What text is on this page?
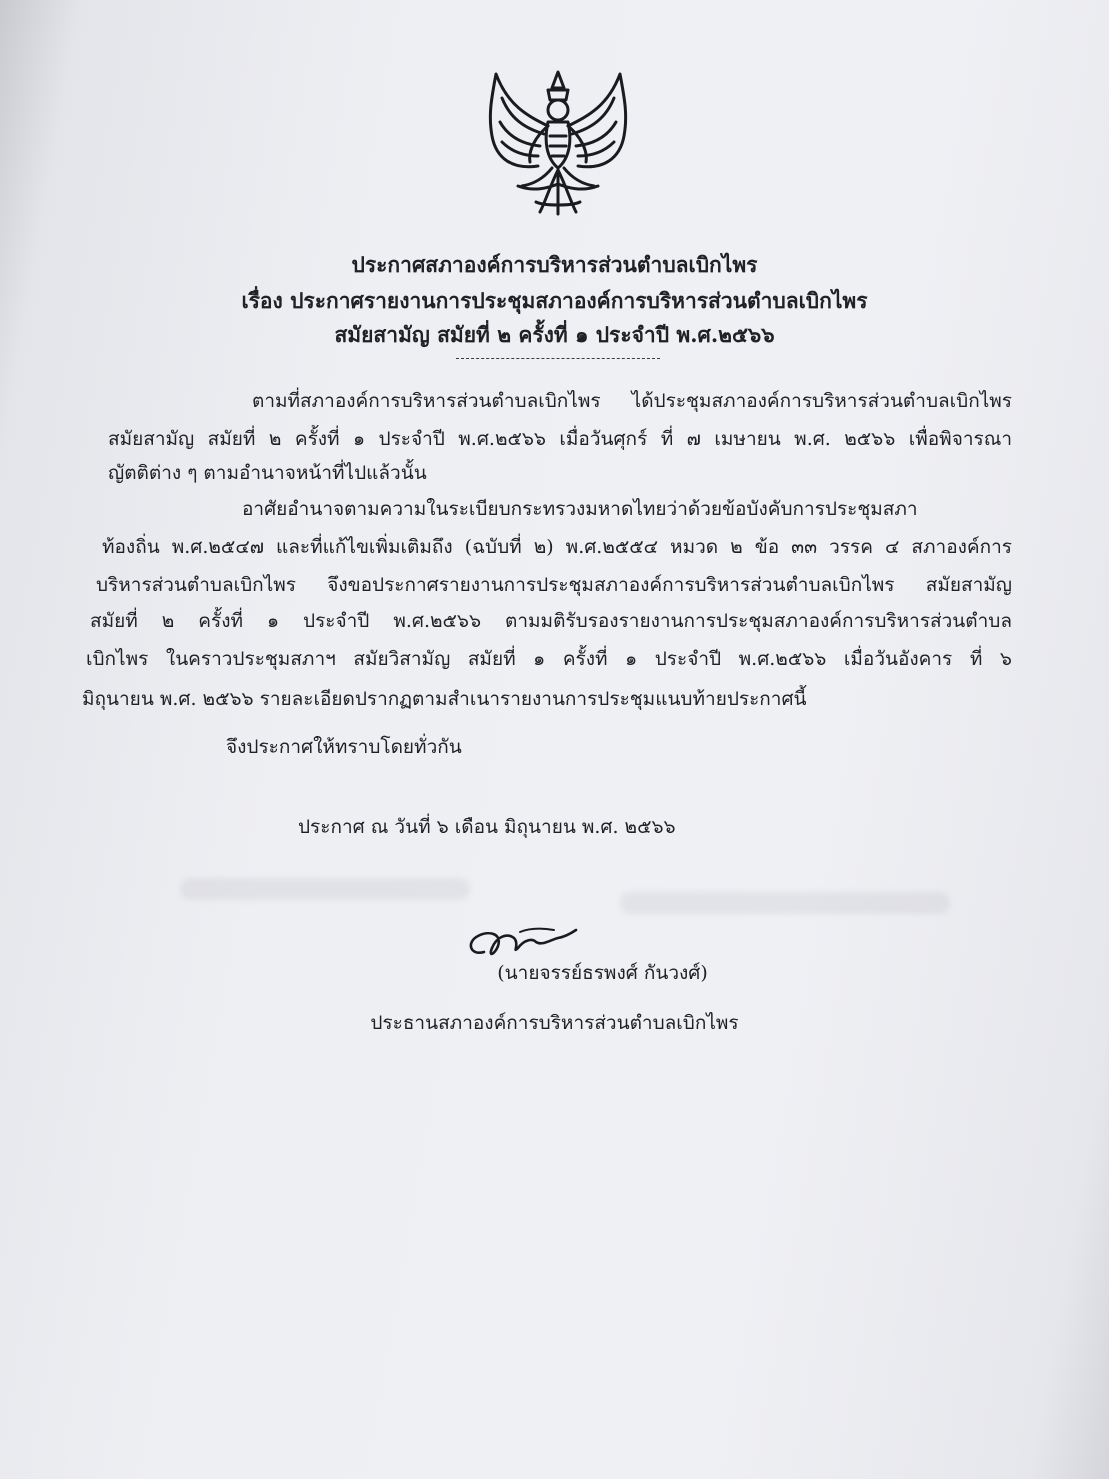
ประกาศสภาองค์การบริหารส่วนตำบลเบิกไพร
เรื่อง ประกาศรายงานการประชุมสภาองค์การบริหารส่วนตำบลเบิกไพร
สมัยสามัญ สมัยที่ ๒ ครั้งที่ ๑ ประจำปี พ.ศ.๒๕๖๖
ตามที่สภาองค์การบริหารส่วนตำบลเบิกไพร ได้ประชุมสภาองค์การบริหารส่วนตำบลเบิกไพร
สมัยสามัญ สมัยที่ ๒ ครั้งที่ ๑ ประจำปี พ.ศ.๒๕๖๖ เมื่อวันศุกร์ ที่ ๗ เมษายน พ.ศ. ๒๕๖๖ เพื่อพิจารณา
ญัตติต่าง ๆ ตามอำนาจหน้าที่ไปแล้วนั้น
อาศัยอำนาจตามความในระเบียบกระทรวงมหาดไทยว่าด้วยข้อบังคับการประชุมสภา
ท้องถิ่น พ.ศ.๒๕๔๗ และที่แก้ไขเพิ่มเติมถึง (ฉบับที่ ๒) พ.ศ.๒๕๕๔ หมวด ๒ ข้อ ๓๓ วรรค ๔ สภาองค์การ
บริหารส่วนตำบลเบิกไพร จึงขอประกาศรายงานการประชุมสภาองค์การบริหารส่วนตำบลเบิกไพร สมัยสามัญ
สมัยที่ ๒ ครั้งที่ ๑ ประจำปี พ.ศ.๒๕๖๖ ตามมติรับรองรายงานการประชุมสภาองค์การบริหารส่วนตำบล
เบิกไพร ในคราวประชุมสภาฯ สมัยวิสามัญ สมัยที่ ๑ ครั้งที่ ๑ ประจำปี พ.ศ.๒๕๖๖ เมื่อวันอังคาร ที่ ๖
มิถุนายน พ.ศ. ๒๕๖๖ รายละเอียดปรากฏตามสำเนารายงานการประชุมแนบท้ายประกาศนี้
จึงประกาศให้ทราบโดยทั่วกัน
ประกาศ ณ วันที่ ๖ เดือน มิถุนายน พ.ศ. ๒๕๖๖
(นายจรรย์ธรพงศ์ กันวงศ์)
ประธานสภาองค์การบริหารส่วนตำบลเบิกไพร
